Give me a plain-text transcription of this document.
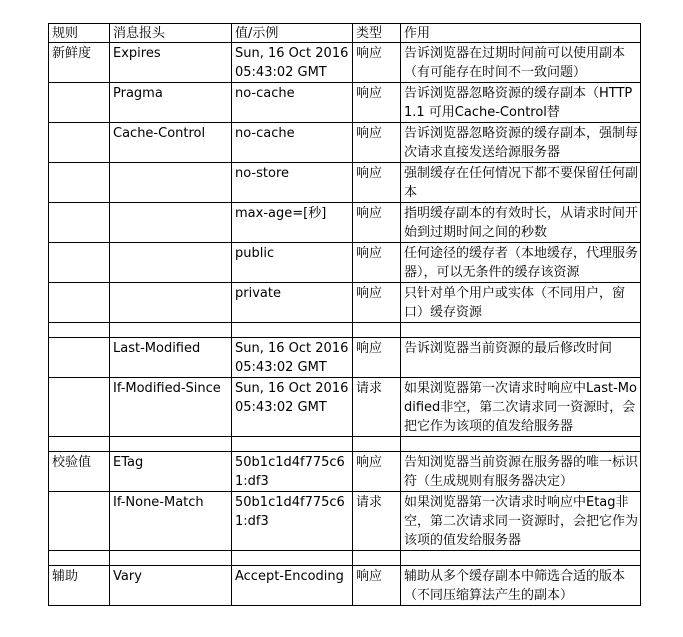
规则	消息报头	值/示例	类型	作用
新鲜度	Expires	Sun, 16 Oct 2016 05:43:02 GMT	响应	告诉浏览器在过期时间前可以使用副本（有可能存在时间不一致问题）
	Pragma	no-cache	响应	告诉浏览器忽略资源的缓存副本（HTTP1.1 可用Cache-Control替
	Cache-Control	no-cache	响应	告诉浏览器忽略资源的缓存副本，强制每次请求直接发送给源服务器
		no-store	响应	强制缓存在任何情况下都不要保留任何副本
		max-age=[秒]	响应	指明缓存副本的有效时长，从请求时间开始到过期时间之间的秒数
		public	响应	任何途径的缓存者（本地缓存，代理服务器），可以无条件的缓存该资源
		private	响应	只针对单个用户或实体（不同用户，窗口）缓存资源

	Last-Modified	Sun, 16 Oct 2016 05:43:02 GMT	响应	告诉浏览器当前资源的最后修改时间
	If-Modified-Since	Sun, 16 Oct 2016 05:43:02 GMT	请求	如果浏览器第一次请求时响应中Last-Modified非空，第二次请求同一资源时，会把它作为该项的值发给服务器

校验值	ETag	50b1c1d4f775c61:df3	响应	告知浏览器当前资源在服务器的唯一标识符（生成规则有服务器决定）
	If-None-Match	50b1c1d4f775c61:df3	请求	如果浏览器第一次请求时响应中Etag非空，第二次请求同一资源时，会把它作为该项的值发给服务器

辅助	Vary	Accept-Encoding	响应	辅助从多个缓存副本中筛选合适的版本（不同压缩算法产生的副本）
